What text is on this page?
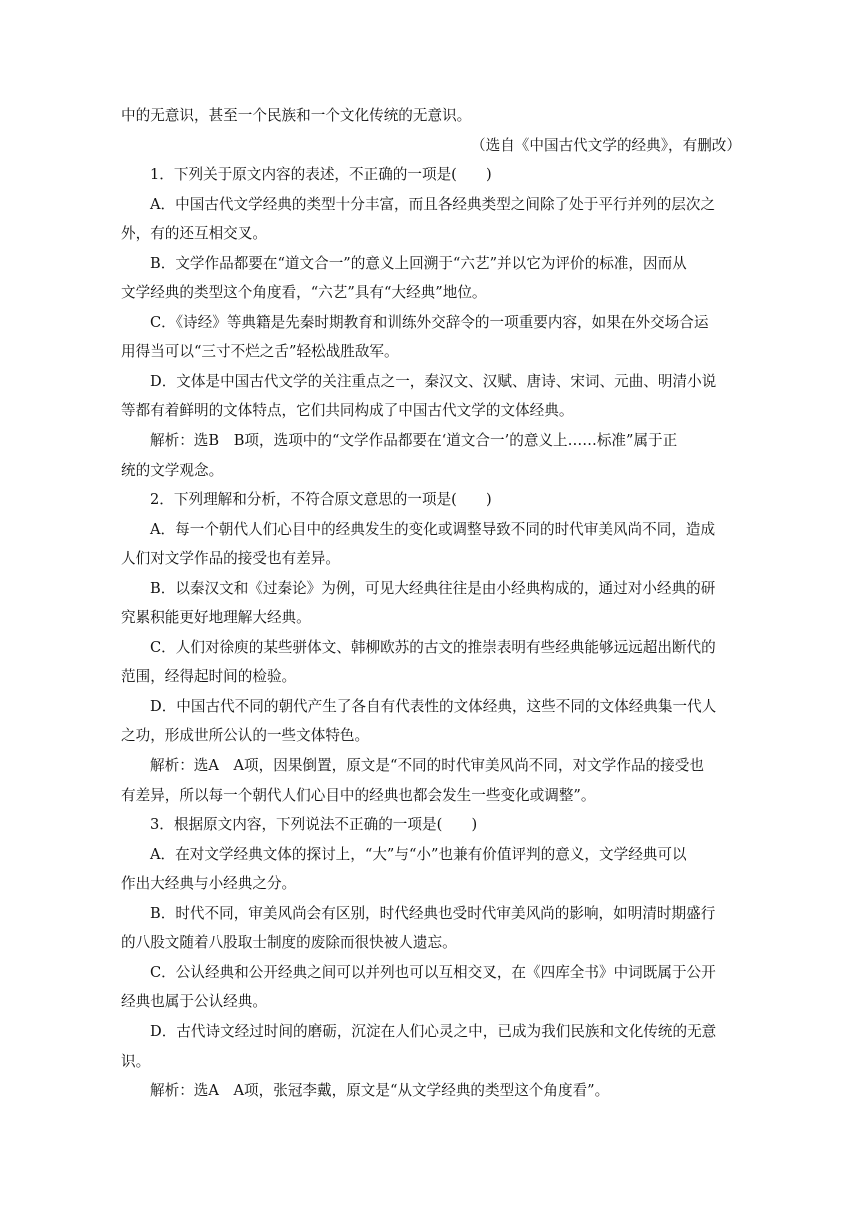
中的无意识，甚至一个民族和一个文化传统的无意识。
（选自《中国古代文学的经典》，有删改）
1．下列关于原文内容的表述，不正确的一项是(　　)
A．中国古代文学经典的类型十分丰富，而且各经典类型之间除了处于平行并列的层次之
外，有的还互相交叉。
B．文学作品都要在“道文合一”的意义上回溯于“六艺”并以它为评价的标准，因而从
文学经典的类型这个角度看，“六艺”具有“大经典”地位。
C．《诗经》等典籍是先秦时期教育和训练外交辞令的一项重要内容，如果在外交场合运
用得当可以“三寸不烂之舌”轻松战胜敌军。
D．文体是中国古代文学的关注重点之一，秦汉文、汉赋、唐诗、宋词、元曲、明清小说
等都有着鲜明的文体特点，它们共同构成了中国古代文学的文体经典。
解析：选B　B项，选项中的“文学作品都要在‘道文合一’的意义上……标准”属于正
统的文学观念。
2．下列理解和分析，不符合原文意思的一项是(　　)
A．每一个朝代人们心目中的经典发生的变化或调整导致不同的时代审美风尚不同，造成
人们对文学作品的接受也有差异。
B．以秦汉文和《过秦论》为例，可见大经典往往是由小经典构成的，通过对小经典的研
究累积能更好地理解大经典。
C．人们对徐庾的某些骈体文、韩柳欧苏的古文的推崇表明有些经典能够远远超出断代的
范围，经得起时间的检验。
D．中国古代不同的朝代产生了各自有代表性的文体经典，这些不同的文体经典集一代人
之功，形成世所公认的一些文体特色。
解析：选A　A项，因果倒置，原文是“不同的时代审美风尚不同，对文学作品的接受也
有差异，所以每一个朝代人们心目中的经典也都会发生一些变化或调整”。
3．根据原文内容，下列说法不正确的一项是(　　)
A．在对文学经典文体的探讨上，“大”与“小”也兼有价值评判的意义，文学经典可以
作出大经典与小经典之分。
B．时代不同，审美风尚会有区别，时代经典也受时代审美风尚的影响，如明清时期盛行
的八股文随着八股取士制度的废除而很快被人遗忘。
C．公认经典和公开经典之间可以并列也可以互相交叉，在《四库全书》中词既属于公开
经典也属于公认经典。
D．古代诗文经过时间的磨砺，沉淀在人们心灵之中，已成为我们民族和文化传统的无意
识。
解析：选A　A项，张冠李戴，原文是“从文学经典的类型这个角度看”。
